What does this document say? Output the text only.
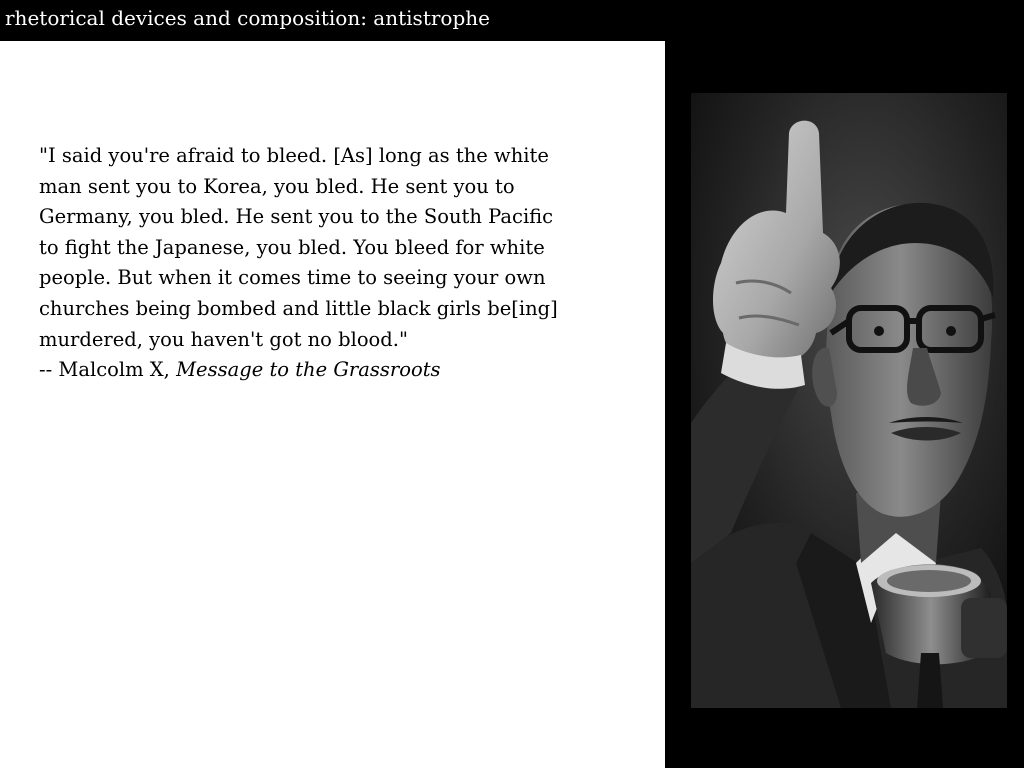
rhetorical devices and composition: antistrophe

"I said you're afraid to bleed. [As] long as the white
man sent you to Korea, you bled. He sent you to
Germany, you bled. He sent you to the South Pacific
to fight the Japanese, you bled. You bleed for white
people. But when it comes time to seeing your own
churches being bombed and little black girls be[ing]
murdered, you haven't got no blood."

-- Malcolm X, Message to the Grassroots
